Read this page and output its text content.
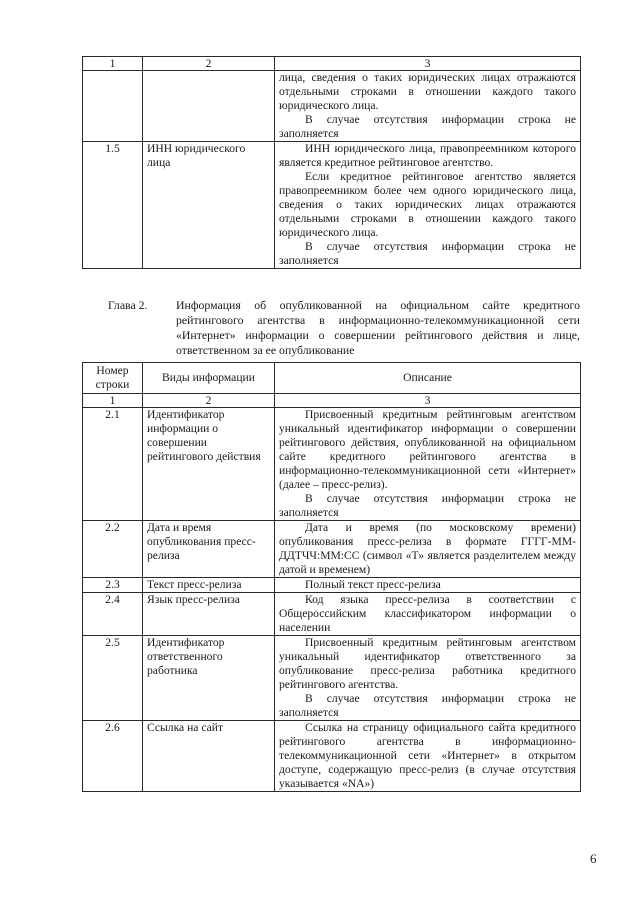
1	2	3

		лица, сведения о таких юридических лицах отражаются отдельными строками в отношении каждого такого юридического лица.

В случае отсутствия информации строка не заполняется

1.5	ИНН юридического лица	ИНН юридического лица, правопреемником которого является кредитное рейтинговое агентство.

Если кредитное рейтинговое агентство является правопреемником более чем одного юридического лица, сведения о таких юридических лицах отражаются отдельными строками в отношении каждого такого юридического лица.

В случае отсутствия информации строка не заполняется

Глава 2.	Информация об опубликованной на официальном сайте кредитного рейтингового агентства в информационно-телекоммуникационной сети «Интернет» информации о совершении рейтингового действия и лице, ответственном за ее опубликование
Номер строки	Виды информации	Описание
1	2	3
2.1	Идентификатор информации о совершении рейтингового действия	Присвоенный кредитным рейтинговым агентством уникальный идентификатор информации о совершении рейтингового действия, опубликованной на официальном сайте кредитного рейтингового агентства в информационно-телекоммуникационной сети «Интернет» (далее – пресс-релиз).

В случае отсутствия информации строка не заполняется

2.2	Дата и время опубликования пресс-релиза	Дата и время (по московскому времени) опубликования пресс-релиза в формате ГГГГ-ММ-ДДТЧЧ:ММ:СС (символ «Т» является разделителем между датой и временем)

2.3	Текст пресс-релиза	Полный текст пресс-релиза

2.4	Язык пресс-релиза	Код языка пресс-релиза в соответствии с Общероссийским классификатором информации о населении

2.5	Идентификатор ответственного работника	Присвоенный кредитным рейтинговым агентством уникальный идентификатор ответственного за опубликование пресс-релиза работника кредитного рейтингового агентства.

В случае отсутствия информации строка не заполняется

2.6	Ссылка на сайт	Ссылка на страницу официального сайта кредитного рейтингового агентства в информационно-телекоммуникационной сети «Интернет» в открытом доступе, содержащую пресс-релиз (в случае отсутствия указывается «NA»)

6
